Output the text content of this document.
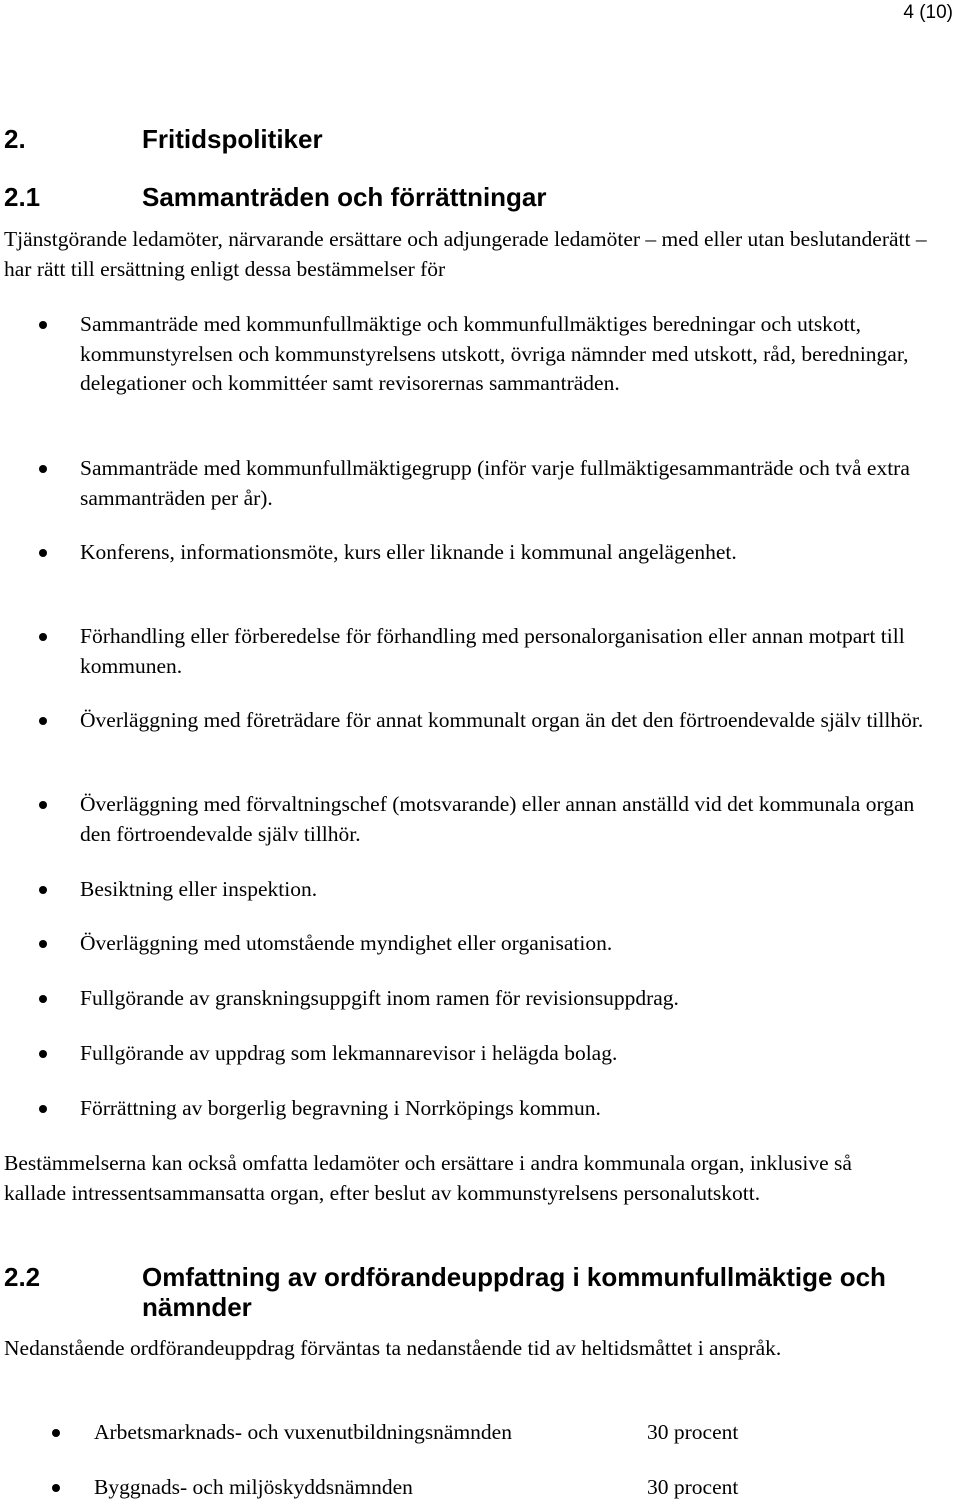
4 (10)
2.	Fritidspolitiker
2.1	Sammanträden och förrättningar

Tjänstgörande ledamöter, närvarande ersättare och adjungerade ledamöter – med eller utan beslutanderätt – har rätt till ersättning enligt dessa bestämmelser för

Sammanträde med kommunfullmäktige och kommunfullmäktiges beredningar och utskott, kommunstyrelsen och kommunstyrelsens utskott, övriga nämnder med utskott, råd, beredningar, delegationer och kommittéer samt revisorernas sammanträden.
Sammanträde med kommunfullmäktigegrupp (inför varje fullmäktigesammanträde och två extra sammanträden per år).
Konferens, informationsmöte, kurs eller liknande i kommunal angelägenhet.
Förhandling eller förberedelse för förhandling med personalorganisation eller annan motpart till kommunen.
Överläggning med företrädare för annat kommunalt organ än det den förtroendevalde själv tillhör.
Överläggning med förvaltningschef (motsvarande) eller annan anställd vid det kommunala organ den förtroendevalde själv tillhör.
Besiktning eller inspektion.
Överläggning med utomstående myndighet eller organisation.
Fullgörande av granskningsuppgift inom ramen för revisionsuppdrag.
Fullgörande av uppdrag som lekmannarevisor i helägda bolag.
Förrättning av borgerlig begravning i Norrköpings kommun.

Bestämmelserna kan också omfatta ledamöter och ersättare i andra kommunala organ, inklusive så kallade intressentsammansatta organ, efter beslut av kommunstyrelsens personalutskott.

2.2	Omfattning av ordförandeuppdrag i kommunfullmäktige och nämnder

Nedanstående ordförandeuppdrag förväntas ta nedanstående tid av heltidsmåttet i anspråk.

Arbetsmarknads- och vuxenutbildningsnämnden	30 procent
Byggnads- och miljöskyddsnämnden	30 procent
